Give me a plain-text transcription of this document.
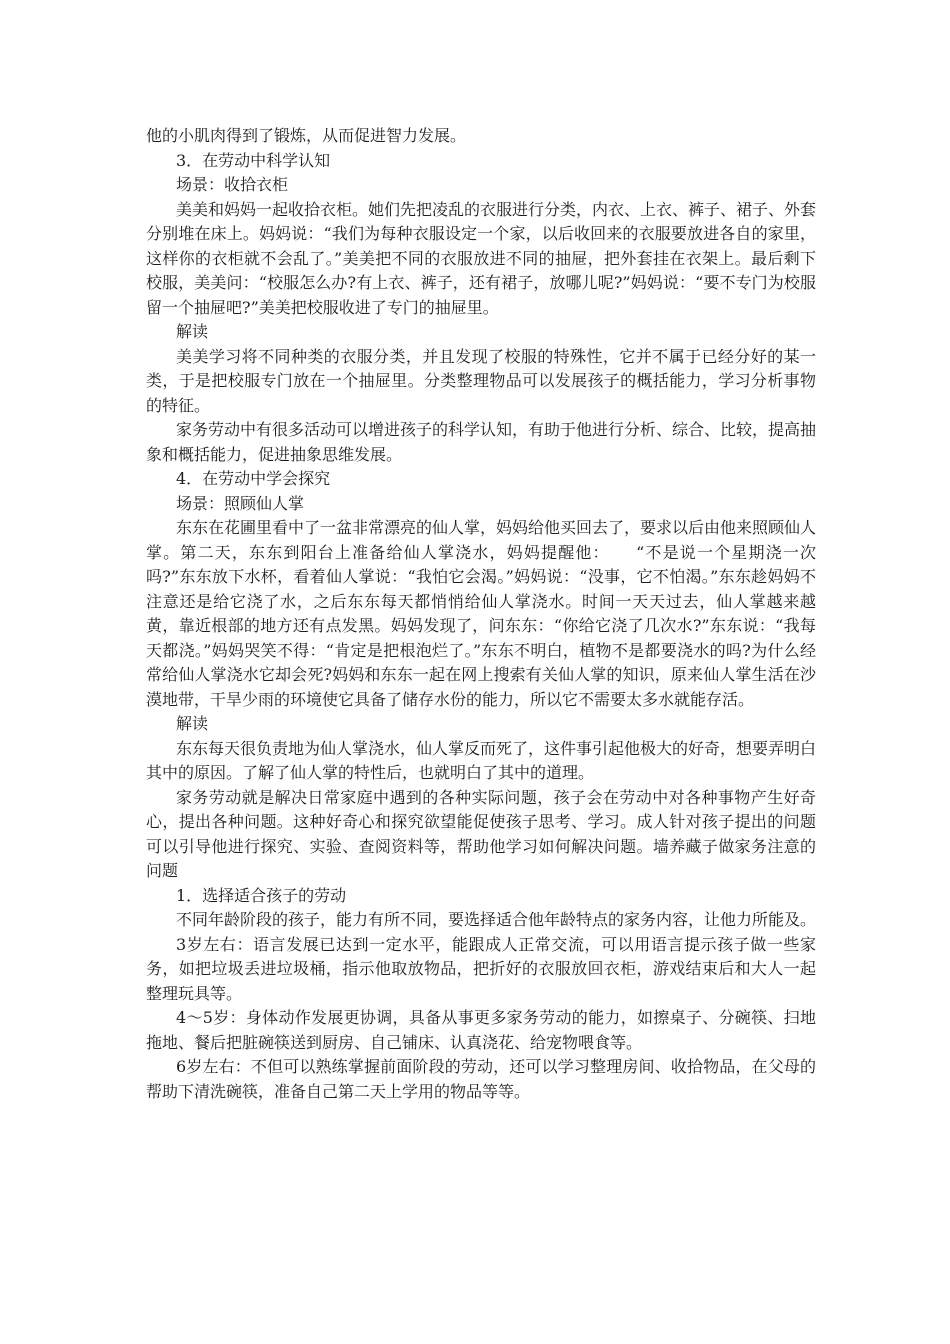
他的小肌肉得到了锻炼，从而促进智力发展。

3．在劳动中科学认知

场景：收拾衣柜

美美和妈妈一起收拾衣柜。她们先把凌乱的衣服进行分类，内衣、上衣、裤子、裙子、外套分别堆在床上。妈妈说：“我们为每种衣服设定一个家，以后收回来的衣服要放进各自的家里，这样你的衣柜就不会乱了。”美美把不同的衣服放进不同的抽屉，把外套挂在衣架上。最后剩下校服，美美问：“校服怎么办?有上衣、裤子，还有裙子，放哪儿呢?”妈妈说：“要不专门为校服留一个抽屉吧?”美美把校服收进了专门的抽屉里。

解读

美美学习将不同种类的衣服分类，并且发现了校服的特殊性，它并不属于已经分好的某一类，于是把校服专门放在一个抽屉里。分类整理物品可以发展孩子的概括能力，学习分析事物的特征。

家务劳动中有很多活动可以增进孩子的科学认知，有助于他进行分析、综合、比较，提高抽象和概括能力，促进抽象思维发展。

4．在劳动中学会探究

场景：照顾仙人掌

东东在花圃里看中了一盆非常漂亮的仙人掌，妈妈给他买回去了，要求以后由他来照顾仙人掌。第二天，东东到阳台上准备给仙人掌浇水，妈妈提醒他：　　“不是说一个星期浇一次吗?”东东放下水杯，看着仙人掌说：“我怕它会渴。”妈妈说：“没事，它不怕渴。”东东趁妈妈不注意还是给它浇了水，之后东东每天都悄悄给仙人掌浇水。时间一天天过去，仙人掌越来越黄，靠近根部的地方还有点发黑。妈妈发现了，问东东：“你给它浇了几次水?”东东说：“我每天都浇。”妈妈哭笑不得：“肯定是把根泡烂了。”东东不明白，植物不是都要浇水的吗?为什么经常给仙人掌浇水它却会死?妈妈和东东一起在网上搜索有关仙人掌的知识，原来仙人掌生活在沙漠地带，干旱少雨的环境使它具备了储存水份的能力，所以它不需要太多水就能存活。

解读

东东每天很负责地为仙人掌浇水，仙人掌反而死了，这件事引起他极大的好奇，想要弄明白其中的原因。了解了仙人掌的特性后，也就明白了其中的道理。

家务劳动就是解决日常家庭中遇到的各种实际问题，孩子会在劳动中对各种事物产生好奇心，提出各种问题。这种好奇心和探究欲望能促使孩子思考、学习。成人针对孩子提出的问题可以引导他进行探究、实验、查阅资料等，帮助他学习如何解决问题。墙养藏子做家务注意的问题

1．选择适合孩子的劳动

不同年龄阶段的孩子，能力有所不同，要选择适合他年龄特点的家务内容，让他力所能及。

3岁左右：语言发展已达到一定水平，能跟成人正常交流，可以用语言提示孩子做一些家务，如把垃圾丢进垃圾桶，指示他取放物品，把折好的衣服放回衣柜，游戏结束后和大人一起整理玩具等。

4～5岁：身体动作发展更协调，具备从事更多家务劳动的能力，如擦桌子、分碗筷、扫地拖地、餐后把脏碗筷送到厨房、自己铺床、认真浇花、给宠物喂食等。

6岁左右：不但可以熟练掌握前面阶段的劳动，还可以学习整理房间、收拾物品，在父母的帮助下清洗碗筷，准备自己第二天上学用的物品等等。
